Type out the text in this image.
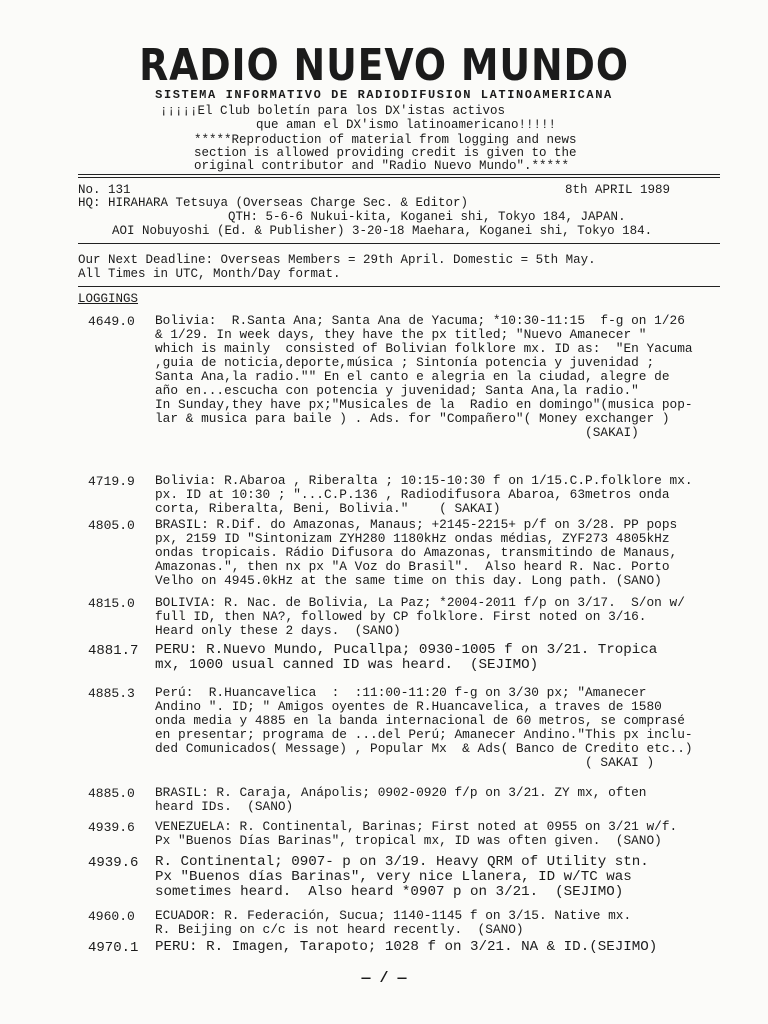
RADIO NUEVO MUNDO
SISTEMA INFORMATIVO DE RADIODIFUSION LATINOAMERICANA
¡¡¡¡¡El Club boletín para los DX'istas activos
que aman el DX'ismo latinoamericano!!!!!
*****Reproduction of material from logging and news
section is allowed providing credit is given to the
original contributor and "Radio Nuevo Mundo".*****
No. 131	8th APRIL 1989
HQ: HIRAHARA Tetsuya (Overseas Charge Sec. & Editor)
QTH: 5-6-6 Nukui-kita, Koganei shi, Tokyo 184, JAPAN.
AOI Nobuyoshi (Ed. & Publisher) 3-20-18 Maehara, Koganei shi, Tokyo 184.
Our Next Deadline: Overseas Members = 29th April. Domestic = 5th May.
All Times in UTC, Month/Day format.
LOGGINGS
4649.0 Bolivia:  R.Santa Ana; Santa Ana de Yacuma; *10:30-11:15  f-g on 1/26
& 1/29. In week days, they have the px titled; "Nuevo Amanecer "
which is mainly  consisted of Bolivian folklore mx. ID as:  "En Yacuma
,guia de noticia,deporte,música ; Sintonía potencia y juvenidad ;
Santa Ana,la radio."" En el canto e alegria en la ciudad, alegre de
año en...escucha con potencia y juvenidad; Santa Ana,la radio."
In Sunday,they have px;"Musicales de la  Radio en domingo"(musica pop-
lar & musica para baile ) . Ads. for "Compañero"( Money exchanger )
(SAKAI)
4719.9 Bolivia: R.Abaroa , Riberalta ; 10:15-10:30 f on 1/15.C.P.folklore mx.
px. ID at 10:30 ; "...C.P.136 , Radiodifusora Abaroa, 63metros onda
corta, Riberalta, Beni, Bolivia."    ( SAKAI)
4805.0 BRASIL: R.Dif. do Amazonas, Manaus; +2145-2215+ p/f on 3/28. PP pops
px, 2159 ID "Sintonizam ZYH280 1180kHz ondas médias, ZYF273 4805kHz
ondas tropicais. Rádio Difusora do Amazonas, transmitindo de Manaus,
Amazonas.", then nx px "A Voz do Brasil".  Also heard R. Nac. Porto
Velho on 4945.0kHz at the same time on this day. Long path. (SANO)
4815.0 BOLIVIA: R. Nac. de Bolivia, La Paz; *2004-2011 f/p on 3/17.  S/on w/
full ID, then NA?, followed by CP folklore. First noted on 3/16.
Heard only these 2 days.  (SANO)
4881.7 PERU: R.Nuevo Mundo, Pucallpa; 0930-1005 f on 3/21. Tropica
mx, 1000 usual canned ID was heard.  (SEJIMO)
4885.3 Perú:  R.Huancavelica  :  :11:00-11:20 f-g on 3/30 px; "Amanecer
Andino ". ID; " Amigos oyentes de R.Huancavelica, a traves de 1580
onda media y 4885 en la banda internacional de 60 metros, se comprasé
en presentar; programa de ...del Perú; Amanecer Andino."This px inclu-
ded Comunicados( Message) , Popular Mx  & Ads( Banco de Credito etc..)
( SAKAI )
4885.0 BRASIL: R. Caraja, Anápolis; 0902-0920 f/p on 3/21. ZY mx, often
heard IDs.  (SANO)
4939.6 VENEZUELA: R. Continental, Barinas; First noted at 0955 on 3/21 w/f.
Px "Buenos Días Barinas", tropical mx, ID was often given.  (SANO)
4939.6 R. Continental; 0907- p on 3/19. Heavy QRM of Utility stn.
Px "Buenos días Barinas", very nice Llanera, ID w/TC was
sometimes heard.  Also heard *0907 p on 3/21.  (SEJIMO)
4960.0 ECUADOR: R. Federación, Sucua; 1140-1145 f on 3/15. Native mx.
R. Beijing on c/c is not heard recently.  (SANO)
4970.1 PERU: R. Imagen, Tarapoto; 1028 f on 3/21. NA & ID.(SEJIMO)
— / —
